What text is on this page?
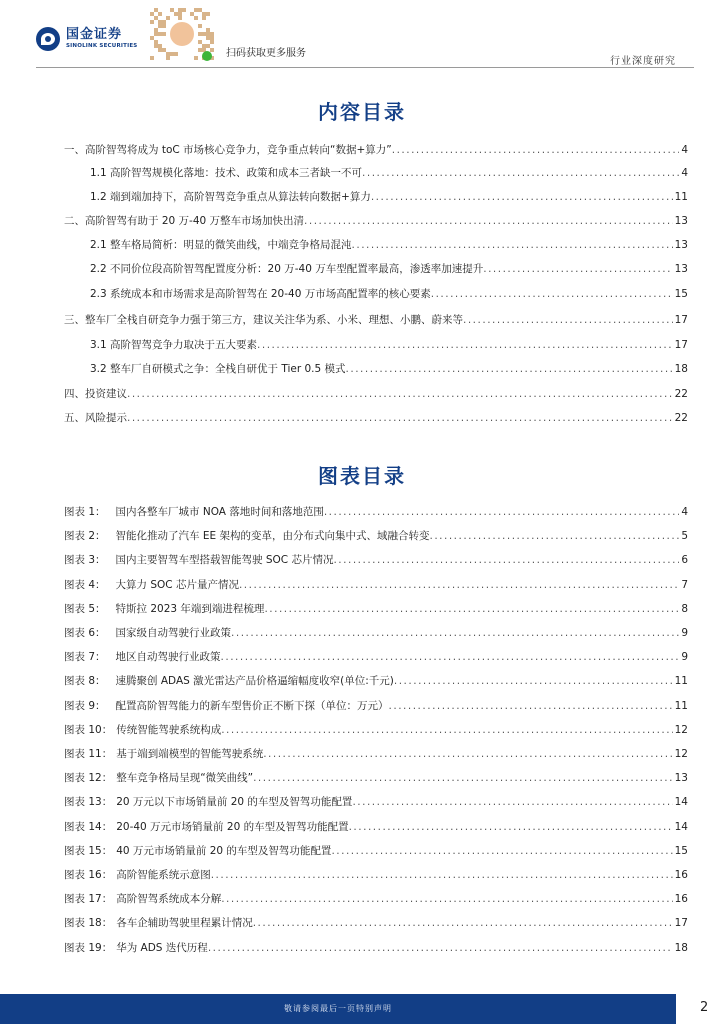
国金证券
SINOLINK SECURITIES
扫码获取更多服务
行业深度研究
内容目录
一、高阶智驾将成为 toC 市场核心竞争力，竞争重点转向“数据+算力” .....	4
1.1 高阶智驾规模化落地：技术、政策和成本三者缺一不可 .....	4
1.2 端到端加持下，高阶智驾竞争重点从算法转向数据+算力 .....	11
二、高阶智驾有助于 20 万-40 万整车市场加快出清 .....	13
2.1 整车格局简析：明显的微笑曲线，中端竞争格局混沌 .....	13
2.2 不同价位段高阶智驾配置度分析：20 万-40 万车型配置率最高，渗透率加速提升 .....	13
2.3 系统成本和市场需求是高阶智驾在 20-40 万市场高配置率的核心要素 .....	15
三、整车厂全栈自研竞争力强于第三方，建议关注华为系、小米、理想、小鹏、蔚来等 .....	17
3.1 高阶智驾竞争力取决于五大要素 .....	17
3.2 整车厂自研模式之争：全栈自研优于 Tier 0.5 模式 .....	18
四、投资建议 .....	22
五、风险提示 .....	22
图表目录
图表 1： 国内各整车厂城市 NOA 落地时间和落地范围 .....	4
图表 2： 智能化推动了汽车 EE 架构的变革，由分布式向集中式、域融合转变 .....	5
图表 3： 国内主要智驾车型搭载智能驾驶 SOC 芯片情况 .....	6
图表 4： 大算力 SOC 芯片量产情况 .....	7
图表 5： 特斯拉 2023 年端到端进程梳理 .....	8
图表 6： 国家级自动驾驶行业政策 .....	9
图表 7： 地区自动驾驶行业政策 .....	9
图表 8： 速腾聚创 ADAS 激光雷达产品价格逼缩幅度收窄(单位:千元) .....	11
图表 9： 配置高阶智驾能力的新车型售价正不断下探（单位：万元） .....	11
图表 10： 传统智能驾驶系统构成 .....	12
图表 11： 基于端到端模型的智能驾驶系统 .....	12
图表 12： 整车竞争格局呈现“微笑曲线” .....	13
图表 13： 20 万元以下市场销量前 20 的车型及智驾功能配置 .....	14
图表 14： 20-40 万元市场销量前 20 的车型及智驾功能配置 .....	14
图表 15： 40 万元市场销量前 20 的车型及智驾功能配置 .....	15
图表 16： 高阶智能系统示意图 .....	16
图表 17： 高阶智驾系统成本分解 .....	16
图表 18： 各车企辅助驾驶里程累计情况 .....	17
图表 19： 华为 ADS 迭代历程 .....	18
敬请参阅最后一页特别声明	2
